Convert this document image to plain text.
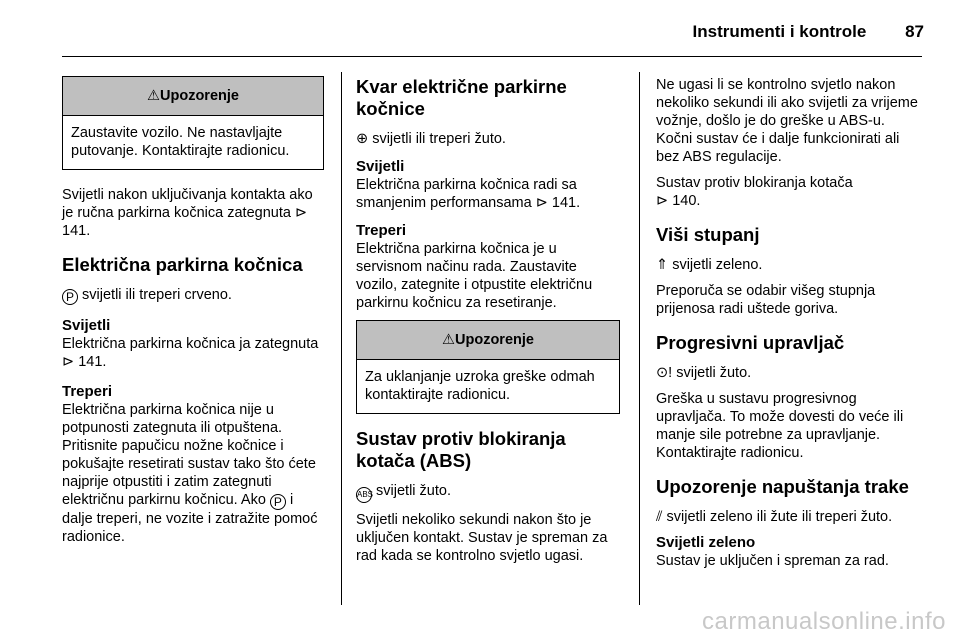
Instrumenti i kontrole 87
⚠Upozorenje
Zaustavite vozilo. Ne nastavljajte putovanje. Kontaktirajte radionicu.

Svijetli nakon uključivanja kontakta ako je ručna parkirna kočnica zategnuta ⊳ 141.

Električna parkirna kočnica

P svijetli ili treperi crveno.

Svijetli

Električna parkirna kočnica ja zategnuta ⊳ 141.

Treperi

Električna parkirna kočnica nije u potpunosti zategnuta ili otpuštena. Pritisnite papučicu nožne kočnice i pokušajte resetirati sustav tako što ćete najprije otpustiti i zatim zategnuti električnu parkirnu kočnicu. Ako P i dalje treperi, ne vozite i zatražite pomoć radionice.

Kvar električne parkirne kočnice

⊕ svijetli ili treperi žuto.

Svijetli

Električna parkirna kočnica radi sa smanjenim performansama ⊳ 141.

Treperi

Električna parkirna kočnica je u servisnom načinu rada. Zaustavite vozilo, zategnite i otpustite električnu parkirnu kočnicu za resetiranje.

⚠Upozorenje
Za uklanjanje uzroka greške odmah kontaktirajte radionicu.
Sustav protiv blokiranja kotača (ABS)

ABS svijetli žuto.

Svijetli nekoliko sekundi nakon što je uključen kontakt. Sustav je spreman za rad kada se kontrolno svjetlo ugasi.

Ne ugasi li se kontrolno svjetlo nakon nekoliko sekundi ili ako svijetli za vrijeme vožnje, došlo je do greške u ABS-u. Kočni sustav će i dalje funkcionirati ali bez ABS regulacije.

Sustav protiv blokiranja kotača
⊳ 140.

Viši stupanj

⇑ svijetli zeleno.

Preporuča se odabir višeg stupnja prijenosa radi uštede goriva.

Progresivni upravljač

⊙! svijetli žuto.

Greška u sustavu progresivnog upravljača. To može dovesti do veće ili manje sile potrebne za upravljanje. Kontaktirajte radionicu.

Upozorenje napuštanja trake

⫽ svijetli zeleno ili žute ili treperi žuto.

Svijetli zeleno

Sustav je uključen i spreman za rad.

carmanualsonline.info
